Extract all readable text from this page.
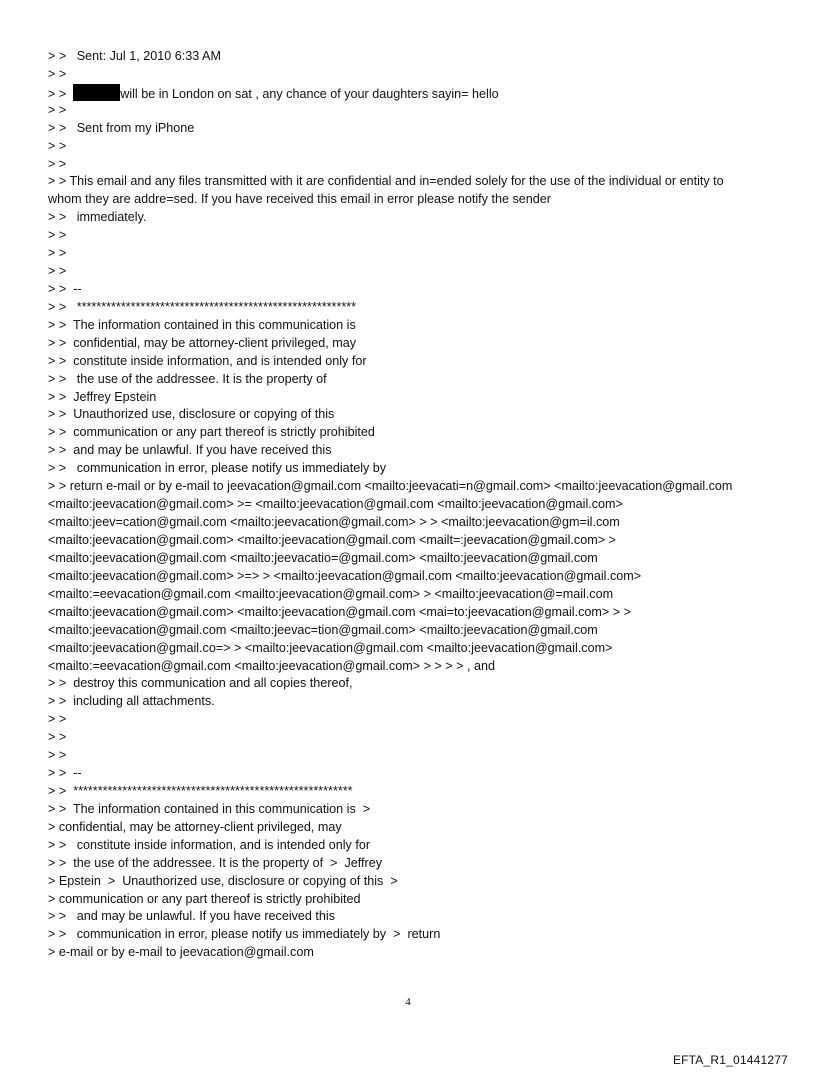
> >   Sent: Jul 1, 2010 6:33 AM
> >
> >	will be in London on sat , any chance of your daughters sayin= hello
> >
> >   Sent from my iPhone
> >
> >
> > This email and any files transmitted with it are confidential and in=ended solely for the use of the individual or entity to whom they are addre=sed. If you have received this email in error please notify the sender
> >   immediately.
> >
> >
> >
> >  --
> >   *********************************************************
> >  The information contained in this communication is
> >  confidential, may be attorney-client privileged, may
> >  constitute inside information, and is intended only for
> >   the use of the addressee. It is the property of
> >  Jeffrey Epstein
> >  Unauthorized use, disclosure or copying of this
> >  communication or any part thereof is strictly prohibited
> >  and may be unlawful. If you have received this
> >   communication in error, please notify us immediately by
> > return e-mail or by e-mail to jeevacation@gmail.com <mailto:jeevacati=n@gmail.com> <mailto:jeevacation@gmail.com <mailto:jeevacation@gmail.com> >= <mailto:jeevacation@gmail.com <mailto:jeevacation@gmail.com> <mailto:jeev=cation@gmail.com <mailto:jeevacation@gmail.com> > > <mailto:jeevacation@gm=il.com <mailto:jeevacation@gmail.com> <mailto:jeevacation@gmail.com <mailt=:jeevacation@gmail.com> > <mailto:jeevacation@gmail.com <mailto:jeevacatio=@gmail.com> <mailto:jeevacation@gmail.com <mailto:jeevacation@gmail.com> >=> > <mailto:jeevacation@gmail.com <mailto:jeevacation@gmail.com> <mailto:=eevacation@gmail.com <mailto:jeevacation@gmail.com> > <mailto:jeevacation@=mail.com <mailto:jeevacation@gmail.com> <mailto:jeevacation@gmail.com <mai=to:jeevacation@gmail.com> > > <mailto:jeevacation@gmail.com <mailto:jeevac=tion@gmail.com> <mailto:jeevacation@gmail.com <mailto:jeevacation@gmail.co=> > <mailto:jeevacation@gmail.com <mailto:jeevacation@gmail.com> <mailto:=eevacation@gmail.com <mailto:jeevacation@gmail.com> > > > > , and
> >  destroy this communication and all copies thereof,
> >  including all attachments.
> >
> >
> >
> >  --
> >  *********************************************************
> >  The information contained in this communication is  >
> confidential, may be attorney-client privileged, may
> >   constitute inside information, and is intended only for
> >  the use of the addressee. It is the property of  >  Jeffrey
> Epstein  >  Unauthorized use, disclosure or copying of this  >
> communication or any part thereof is strictly prohibited
> >   and may be unlawful. If you have received this
> >   communication in error, please notify us immediately by  >  return
> e-mail or by e-mail to jeevacation@gmail.com
4
EFTA_R1_01441277
